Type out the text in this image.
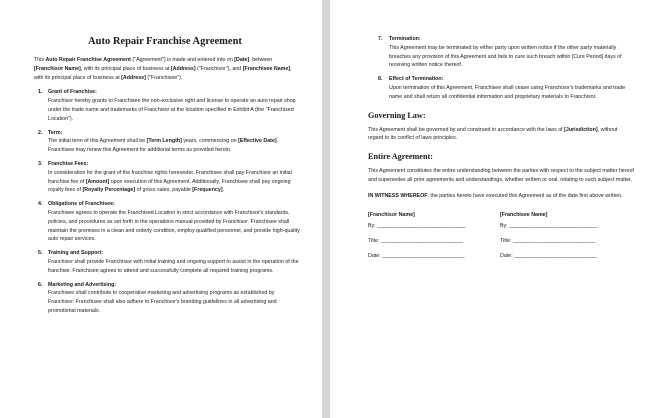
Auto Repair Franchise Agreement
This Auto Repair Franchise Agreement ("Agreement") is made and entered into on [Date], between [Franchisor Name], with its principal place of business at [Address] ("Franchisor"), and [Franchisee Name], with its principal place of business at [Address] ("Franchisee").
1. Grant of Franchise:
Franchisor hereby grants to Franchisee the non-exclusive right and license to operate an auto repair shop under the trade name and trademarks of Franchisor at the location specified in Exhibit A (the "Franchised Location").
2. Term:
The initial term of this Agreement shall be [Term Length] years, commencing on [Effective Date]. Franchisee may renew this Agreement for additional terms as provided herein.
3. Franchise Fees:
In consideration for the grant of the franchise rights hereunder, Franchisee shall pay Franchisor an initial franchise fee of [Amount] upon execution of this Agreement. Additionally, Franchisee shall pay ongoing royalty fees of [Royalty Percentage] of gross sales, payable [Frequency].
4. Obligations of Franchisee:
Franchisee agrees to operate the Franchised Location in strict accordance with Franchisor's standards, policies, and procedures as set forth in the operations manual provided by Franchisor. Franchisee shall maintain the premises in a clean and orderly condition, employ qualified personnel, and provide high-quality auto repair services.
5. Training and Support:
Franchisor shall provide Franchisee with initial training and ongoing support to assist in the operation of the franchise. Franchisee agrees to attend and successfully complete all required training programs.
6. Marketing and Advertising:
Franchisee shall contribute to cooperative marketing and advertising programs as established by Franchisor. Franchisee shall also adhere to Franchisor's branding guidelines in all advertising and promotional materials.
7. Termination:
This Agreement may be terminated by either party upon written notice if the other party materially breaches any provision of this Agreement and fails to cure such breach within [Cure Period] days of receiving written notice thereof.
8. Effect of Termination:
Upon termination of this Agreement, Franchisee shall cease using Franchisor's trademarks and trade name and shall return all confidential information and proprietary materials to Franchisor.
Governing Law:
This Agreement shall be governed by and construed in accordance with the laws of [Jurisdiction], without regard to its conflict of laws principles.
Entire Agreement:
This Agreement constitutes the entire understanding between the parties with respect to the subject matter hereof and supersedes all prior agreements and understandings, whether written or oral, relating to such subject matter.
IN WITNESS WHEREOF, the parties hereto have executed this Agreement as of the date first above written.
[Franchisor Name]
By: ______________________________
Title: ____________________________
Date: ____________________________
[Franchisee Name]
By: ______________________________
Title: ____________________________
Date: ____________________________
